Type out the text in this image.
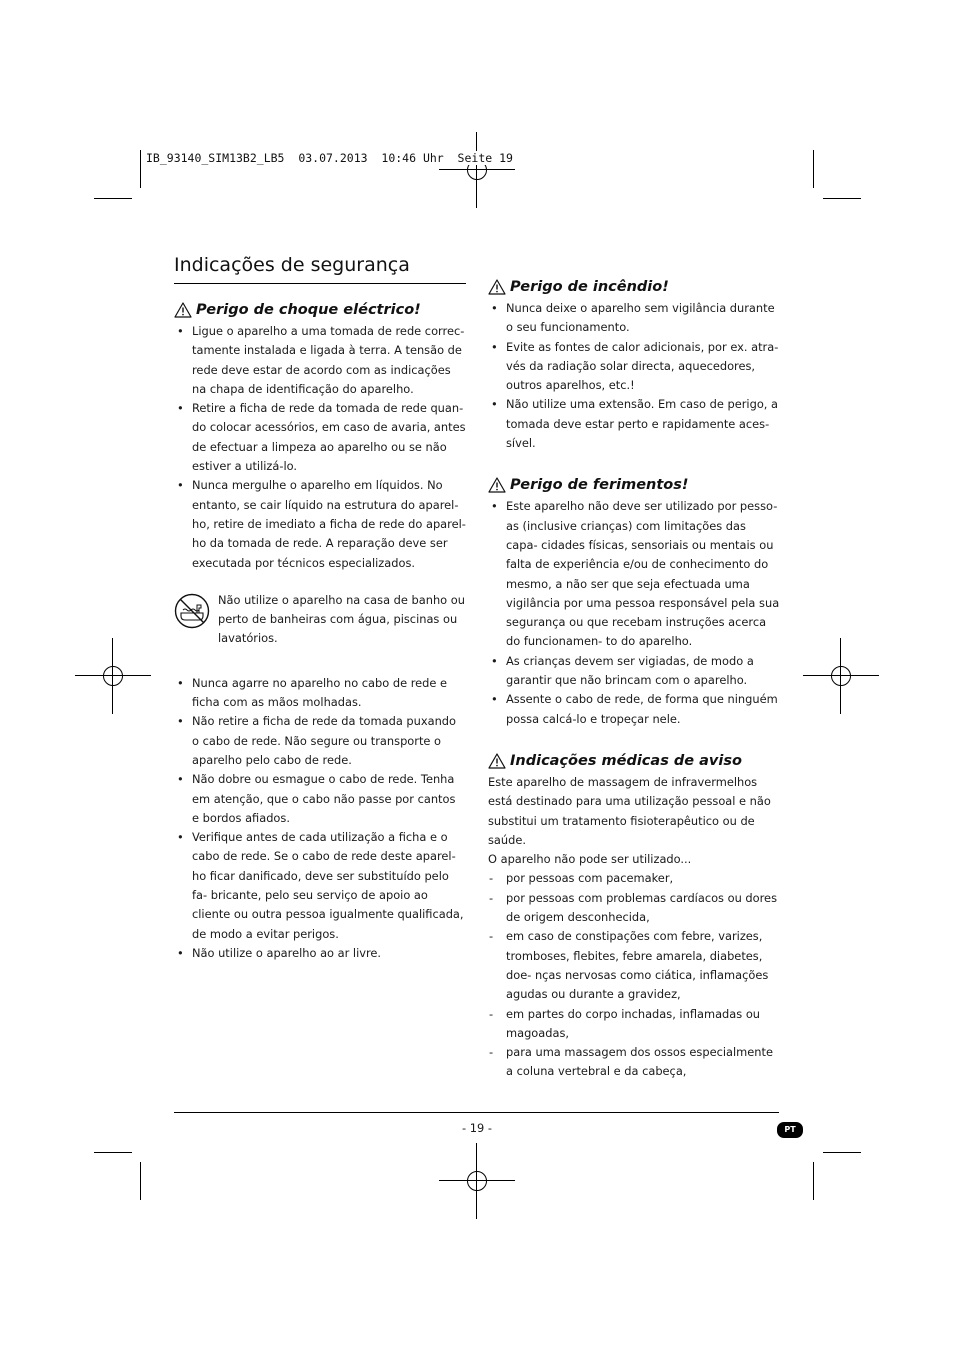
IB_93140_SIM13B2_LB5  03.07.2013  10:46 Uhr  Seite 19
Indicações de segurança
Perigo de choque eléctrico!
• Ligue o aparelho a uma tomada de rede correc- tamente instalada e ligada à terra. A tensão de rede deve estar de acordo com as indicações na chapa de identificação do aparelho.
• Retire a ficha de rede da tomada de rede quan- do colocar acessórios, em caso de avaria, antes de efectuar a limpeza ao aparelho ou se não estiver a utilizá-lo.
• Nunca mergulhe o aparelho em líquidos. No entanto, se cair líquido na estrutura do aparel- ho, retire de imediato a ficha de rede do aparel- ho da tomada de rede. A reparação deve ser executada por técnicos especializados.
Não utilize o aparelho na casa de banho ou perto de banheiras com água, piscinas ou lavatórios.
• Nunca agarre no aparelho no cabo de rede e ficha com as mãos molhadas.
• Não retire a ficha de rede da tomada puxando o cabo de rede. Não segure ou transporte o aparelho pelo cabo de rede.
• Não dobre ou esmague o cabo de rede. Tenha em atenção, que o cabo não passe por cantos e bordos afiados.
• Verifique antes de cada utilização a ficha e o cabo de rede. Se o cabo de rede deste aparel- ho ficar danificado, deve ser substituído pelo fa- bricante, pelo seu serviço de apoio ao cliente ou outra pessoa igualmente qualificada, de modo a evitar perigos.
• Não utilize o aparelho ao ar livre.
Perigo de incêndio!
• Nunca deixe o aparelho sem vigilância durante o seu funcionamento.
• Evite as fontes de calor adicionais, por ex. atra- vés da radiação solar directa, aquecedores, outros aparelhos, etc.!
• Não utilize uma extensão. Em caso de perigo, a tomada deve estar perto e rapidamente aces- sível.
Perigo de ferimentos!
• Este aparelho não deve ser utilizado por pesso- as (inclusive crianças) com limitações das capa- cidades físicas, sensoriais ou mentais ou falta de experiência e/ou de conhecimento do mesmo, a não ser que seja efectuada uma vigilância por uma pessoa responsável pela sua segurança ou que recebam instruções acerca do funcionamen- to do aparelho.
• As crianças devem ser vigiadas, de modo a garantir que não brincam com o aparelho.
• Assente o cabo de rede, de forma que ninguém possa calcá-lo e tropeçar nele.
Indicações médicas de aviso

Este aparelho de massagem de infravermelhos está destinado para uma utilização pessoal e não substitui um tratamento fisioterapêutico ou de saúde.

O aparelho não pode ser utilizado...

- por pessoas com pacemaker,
- por pessoas com problemas cardíacos ou dores de origem desconhecida,
- em caso de constipações com febre, varizes, tromboses, flebites, febre amarela, diabetes, doe- nças nervosas como ciática, inflamações agudas ou durante a gravidez,
- em partes do corpo inchadas, inflamadas ou magoadas,
- para uma massagem dos ossos especialmente a coluna vertebral e da cabeça,
- 19 -	PT
